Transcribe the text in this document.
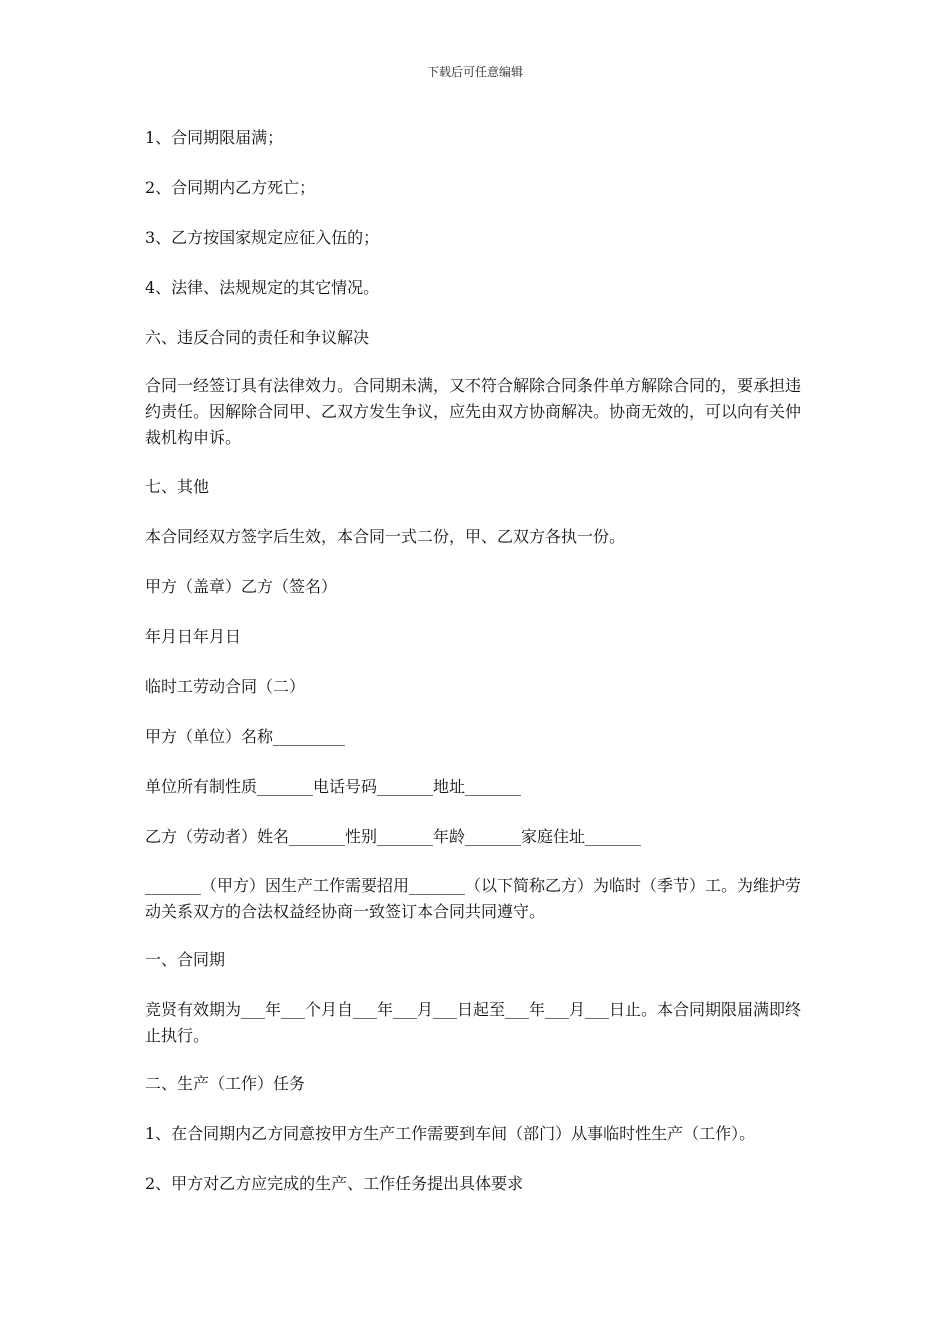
下载后可任意编辑
1、合同期限届满；
2、合同期内乙方死亡；
3、乙方按国家规定应征入伍的；
4、法律、法规规定的其它情况。
六、违反合同的责任和争议解决
合同一经签订具有法律效力。合同期未满，又不符合解除合同条件单方解除合同的，要承担违约责任。因解除合同甲、乙双方发生争议，应先由双方协商解决。协商无效的，可以向有关仲裁机构申诉。
七、其他
本合同经双方签字后生效，本合同一式二份，甲、乙双方各执一份。
甲方（盖章）乙方（签名）
年月日年月日
临时工劳动合同（二）
甲方（单位）名称_________
单位所有制性质_______电话号码_______地址_______
乙方（劳动者）姓名_______性别_______年龄_______家庭住址_______
_______（甲方）因生产工作需要招用_______（以下简称乙方）为临时（季节）工。为维护劳动关系双方的合法权益经协商一致签订本合同共同遵守。
一、合同期
竞贤有效期为___年___个月自___年___月___日起至___年___月___日止。本合同期限届满即终止执行。
二、生产（工作）任务
1、在合同期内乙方同意按甲方生产工作需要到车间（部门）从事临时性生产（工作）。
2、甲方对乙方应完成的生产、工作任务提出具体要求
